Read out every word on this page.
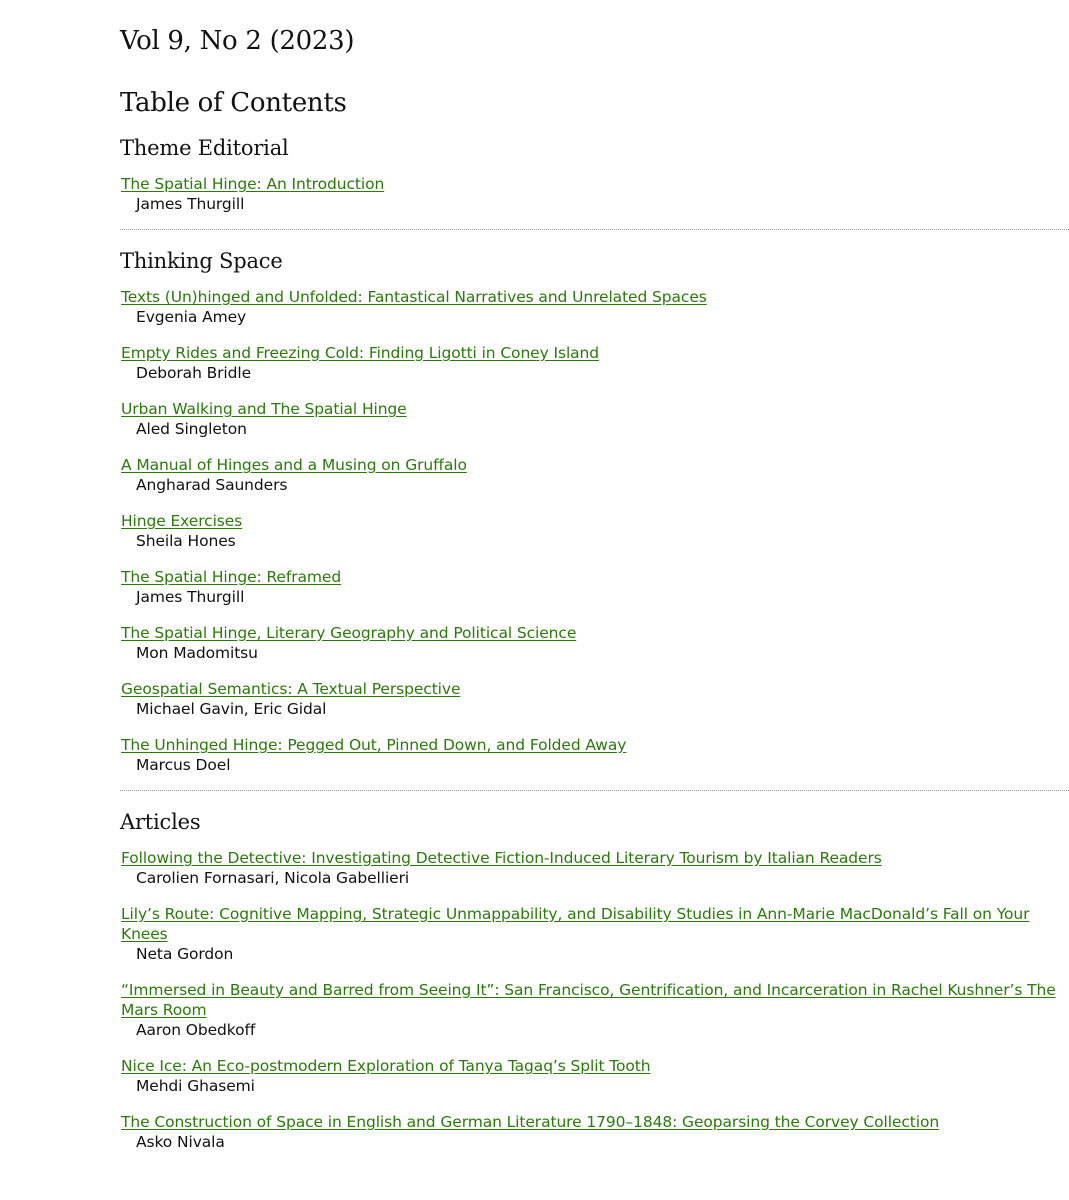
Vol 9, No 2 (2023)
Table of Contents
Theme Editorial
The Spatial Hinge: An Introduction
James Thurgill
Thinking Space
Texts (Un)hinged and Unfolded: Fantastical Narratives and Unrelated Spaces
Evgenia Amey
Empty Rides and Freezing Cold: Finding Ligotti in Coney Island
Deborah Bridle
Urban Walking and The Spatial Hinge
Aled Singleton
A Manual of Hinges and a Musing on Gruffalo
Angharad Saunders
Hinge Exercises
Sheila Hones
The Spatial Hinge: Reframed
James Thurgill
The Spatial Hinge, Literary Geography and Political Science
Mon Madomitsu
Geospatial Semantics: A Textual Perspective
Michael Gavin, Eric Gidal
The Unhinged Hinge: Pegged Out, Pinned Down, and Folded Away
Marcus Doel
Articles
Following the Detective: Investigating Detective Fiction-Induced Literary Tourism by Italian Readers
Carolien Fornasari, Nicola Gabellieri
Lily’s Route: Cognitive Mapping, Strategic Unmappability, and Disability Studies in Ann-Marie MacDonald’s Fall on Your Knees
Neta Gordon
“Immersed in Beauty and Barred from Seeing It”: San Francisco, Gentrification, and Incarceration in Rachel Kushner’s The Mars Room
Aaron Obedkoff
Nice Ice: An Eco-postmodern Exploration of Tanya Tagaq’s Split Tooth
Mehdi Ghasemi
The Construction of Space in English and German Literature 1790–1848: Geoparsing the Corvey Collection
Asko Nivala
